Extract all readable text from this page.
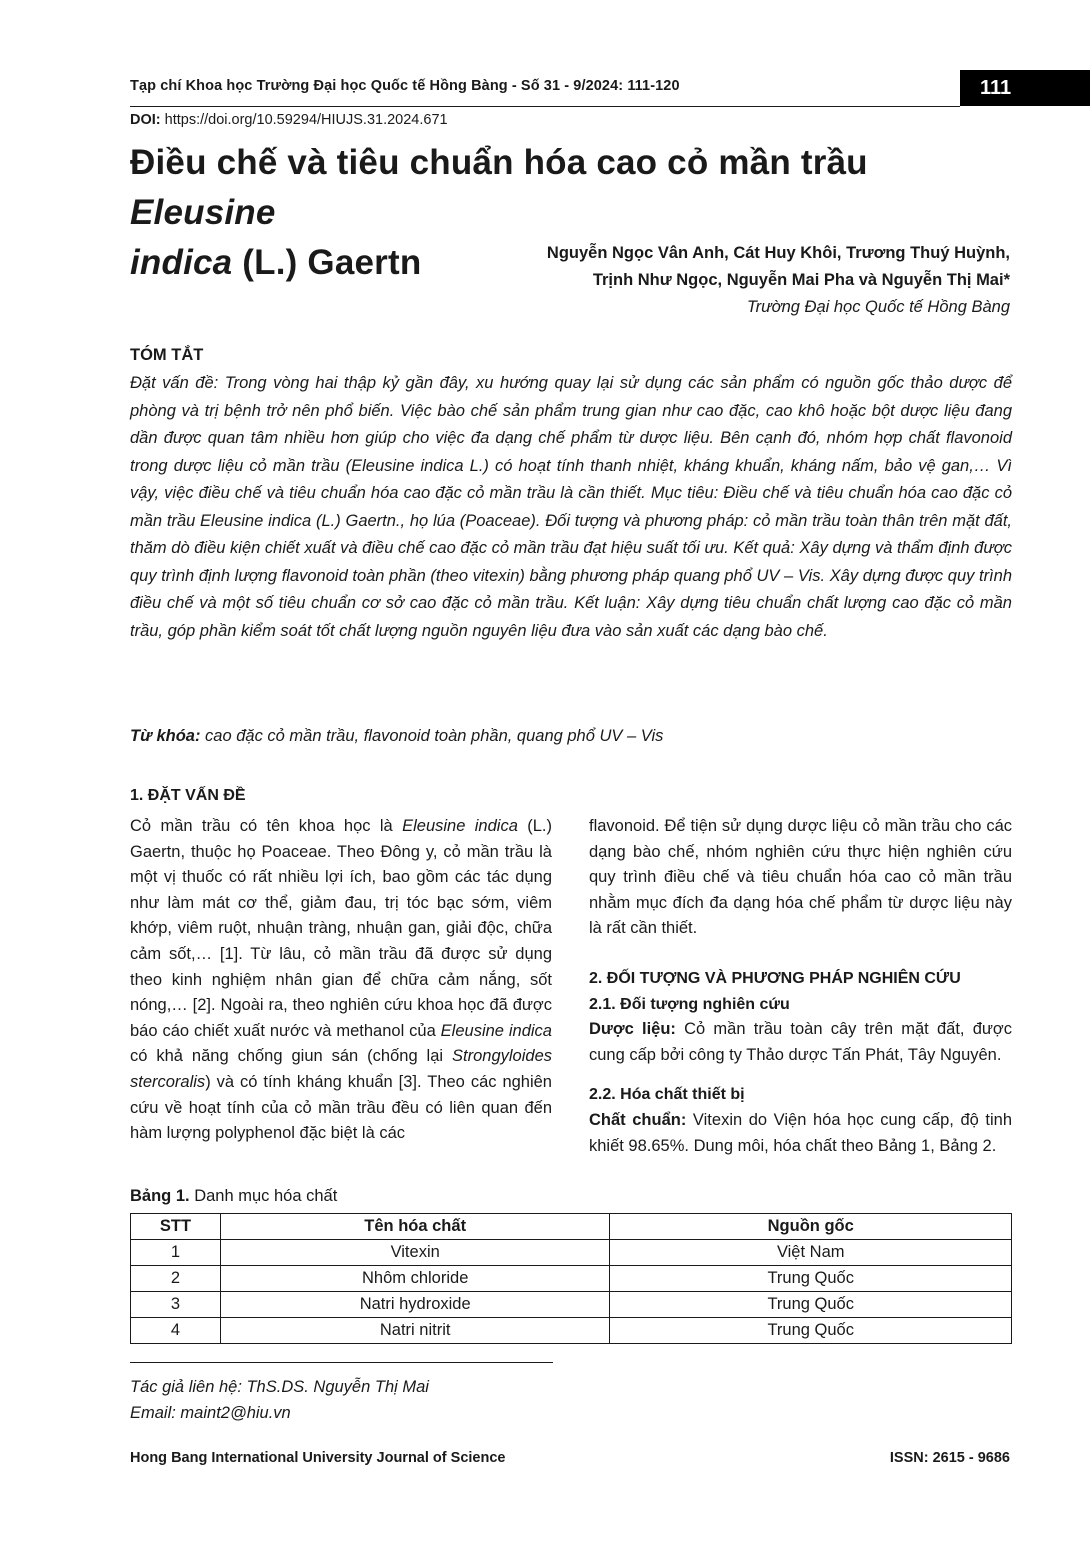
Tạp chí Khoa học Trường Đại học Quốc tế Hồng Bàng - Số 31 - 9/2024: 111-120	111
DOI: https://doi.org/10.59294/HIUJS.31.2024.671
Điều chế và tiêu chuẩn hóa cao cỏ mần trầu Eleusine
indica (L.) Gaertn	Nguyễn Ngọc Vân Anh, Cát Huy Khôi, Trương Thuý Huỳnh,
Trịnh Như Ngọc, Nguyễn Mai Pha và Nguyễn Thị Mai*
Trường Đại học Quốc tế Hồng Bàng
TÓM TẮT
Đặt vấn đề: Trong vòng hai thập kỷ gần đây, xu hướng quay lại sử dụng các sản phẩm có nguồn gốc thảo dược để phòng và trị bệnh trở nên phổ biến. Việc bào chế sản phẩm trung gian như cao đặc, cao khô hoặc bột dược liệu đang dần được quan tâm nhiều hơn giúp cho việc đa dạng chế phẩm từ dược liệu. Bên cạnh đó, nhóm hợp chất flavonoid trong dược liệu cỏ mần trầu (Eleusine indica L.) có hoạt tính thanh nhiệt, kháng khuẩn, kháng nấm, bảo vệ gan,… Vì vậy, việc điều chế và tiêu chuẩn hóa cao đặc cỏ mần trầu là cần thiết. Mục tiêu: Điều chế và tiêu chuẩn hóa cao đặc cỏ mần trầu Eleusine indica (L.) Gaertn., họ lúa (Poaceae). Đối tượng và phương pháp: cỏ mần trầu toàn thân trên mặt đất, thăm dò điều kiện chiết xuất và điều chế cao đặc cỏ mần trầu đạt hiệu suất tối ưu. Kết quả: Xây dựng và thẩm định được quy trình định lượng flavonoid toàn phần (theo vitexin) bằng phương pháp quang phổ UV – Vis. Xây dựng được quy trình điều chế và một số tiêu chuẩn cơ sở cao đặc cỏ mần trầu. Kết luận: Xây dựng tiêu chuẩn chất lượng cao đặc cỏ mần trầu, góp phần kiểm soát tốt chất lượng nguồn nguyên liệu đưa vào sản xuất các dạng bào chế.
Từ khóa: cao đặc cỏ mần trầu, flavonoid toàn phần, quang phổ UV – Vis
1. ĐẶT VẤN ĐỀ

Cỏ mần trầu có tên khoa học là Eleusine indica (L.) Gaertn, thuộc họ Poaceae. Theo Đông y, cỏ mần trầu là một vị thuốc có rất nhiều lợi ích, bao gồm các tác dụng như làm mát cơ thể, giảm đau, trị tóc bạc sớm, viêm khớp, viêm ruột, nhuận tràng, nhuận gan, giải độc, chữa cảm sốt,… [1]. Từ lâu, cỏ mần trầu đã được sử dụng theo kinh nghiệm nhân gian để chữa cảm nắng, sốt nóng,… [2]. Ngoài ra, theo nghiên cứu khoa học đã được báo cáo chiết xuất nước và methanol của Eleusine indica có khả năng chống giun sán (chống lại Strongyloides stercoralis) và có tính kháng khuẩn [3]. Theo các nghiên cứu về hoạt tính của cỏ mần trầu đều có liên quan đến hàm lượng polyphenol đặc biệt là các

flavonoid. Để tiện sử dụng dược liệu cỏ mần trầu cho các dạng bào chế, nhóm nghiên cứu thực hiện nghiên cứu quy trình điều chế và tiêu chuẩn hóa cao cỏ mần trầu nhằm mục đích đa dạng hóa chế phẩm từ dược liệu này là rất cần thiết.

2. ĐỐI TƯỢNG VÀ PHƯƠNG PHÁP NGHIÊN CỨU
2.1. Đối tượng nghiên cứu

Dược liệu: Cỏ mần trầu toàn cây trên mặt đất, được cung cấp bởi công ty Thảo dược Tấn Phát, Tây Nguyên.

2.2. Hóa chất thiết bị

Chất chuẩn: Vitexin do Viện hóa học cung cấp, độ tinh khiết 98.65%. Dung môi, hóa chất theo Bảng 1, Bảng 2.

Bảng 1. Danh mục hóa chất
STT	Tên hóa chất	Nguồn gốc
1	Vitexin	Việt Nam
2	Nhôm chloride	Trung Quốc
3	Natri hydroxide	Trung Quốc
4	Natri nitrit	Trung Quốc
Tác giả liên hệ: ThS.DS. Nguyễn Thị Mai
Email: maint2@hiu.vn
Hong Bang International University Journal of Science	ISSN: 2615 - 9686
